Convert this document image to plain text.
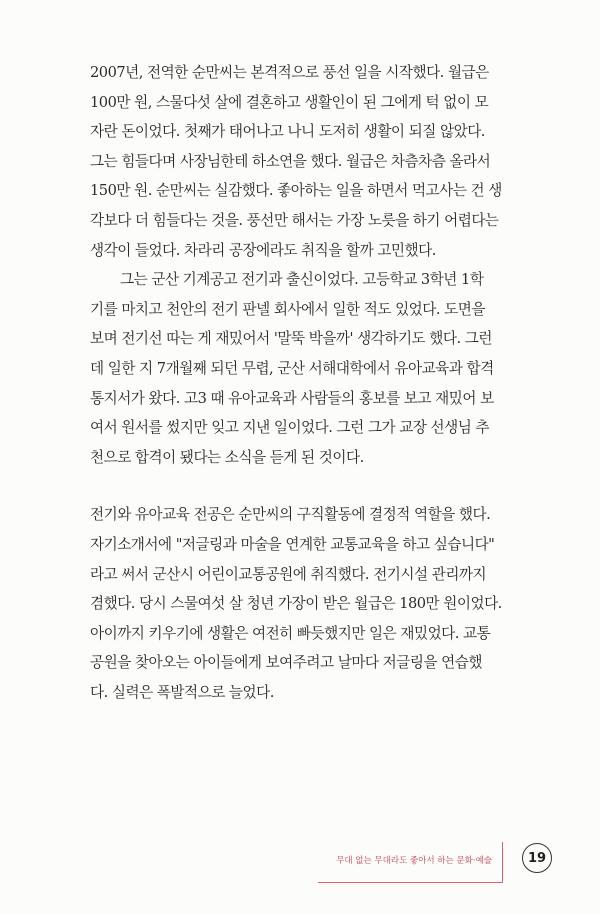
2007년, 전역한 순만씨는 본격적으로 풍선 일을 시작했다. 월급은

100만 원, 스물다섯 살에 결혼하고 생활인이 된 그에게 턱 없이 모

자란 돈이었다. 첫째가 태어나고 나니 도저히 생활이 되질 않았다.

그는 힘들다며 사장님한테 하소연을 했다. 월급은 차츰차츰 올라서

150만 원. 순만씨는 실감했다. 좋아하는 일을 하면서 먹고사는 건 생

각보다 더 힘들다는 것을. 풍선만 해서는 가장 노릇을 하기 어렵다는

생각이 들었다. 차라리 공장에라도 취직을 할까 고민했다.

그는 군산 기계공고 전기과 출신이었다. 고등학교 3학년 1학

기를 마치고 천안의 전기 판넬 회사에서 일한 적도 있었다. 도면을

보며 전기선 따는 게 재밌어서 '말뚝 박을까' 생각하기도 했다. 그런

데 일한 지 7개월째 되던 무렵, 군산 서해대학에서 유아교육과 합격

통지서가 왔다. 고3 때 유아교육과 사람들의 홍보를 보고 재밌어 보

여서 원서를 썼지만 잊고 지낸 일이었다. 그런 그가 교장 선생님 추

천으로 합격이 됐다는 소식을 듣게 된 것이다.

전기와 유아교육 전공은 순만씨의 구직활동에 결정적 역할을 했다.

자기소개서에 "저글링과 마술을 연계한 교통교육을 하고 싶습니다"

라고 써서 군산시 어린이교통공원에 취직했다. 전기시설 관리까지

겸했다. 당시 스물여섯 살 청년 가장이 받은 월급은 180만 원이었다.

아이까지 키우기에 생활은 여전히 빠듯했지만 일은 재밌었다. 교통

공원을 찾아오는 아이들에게 보여주려고 날마다 저글링을 연습했

다. 실력은 폭발적으로 늘었다.

무대 없는 무대라도 좋아서 하는 문화·예술	19
